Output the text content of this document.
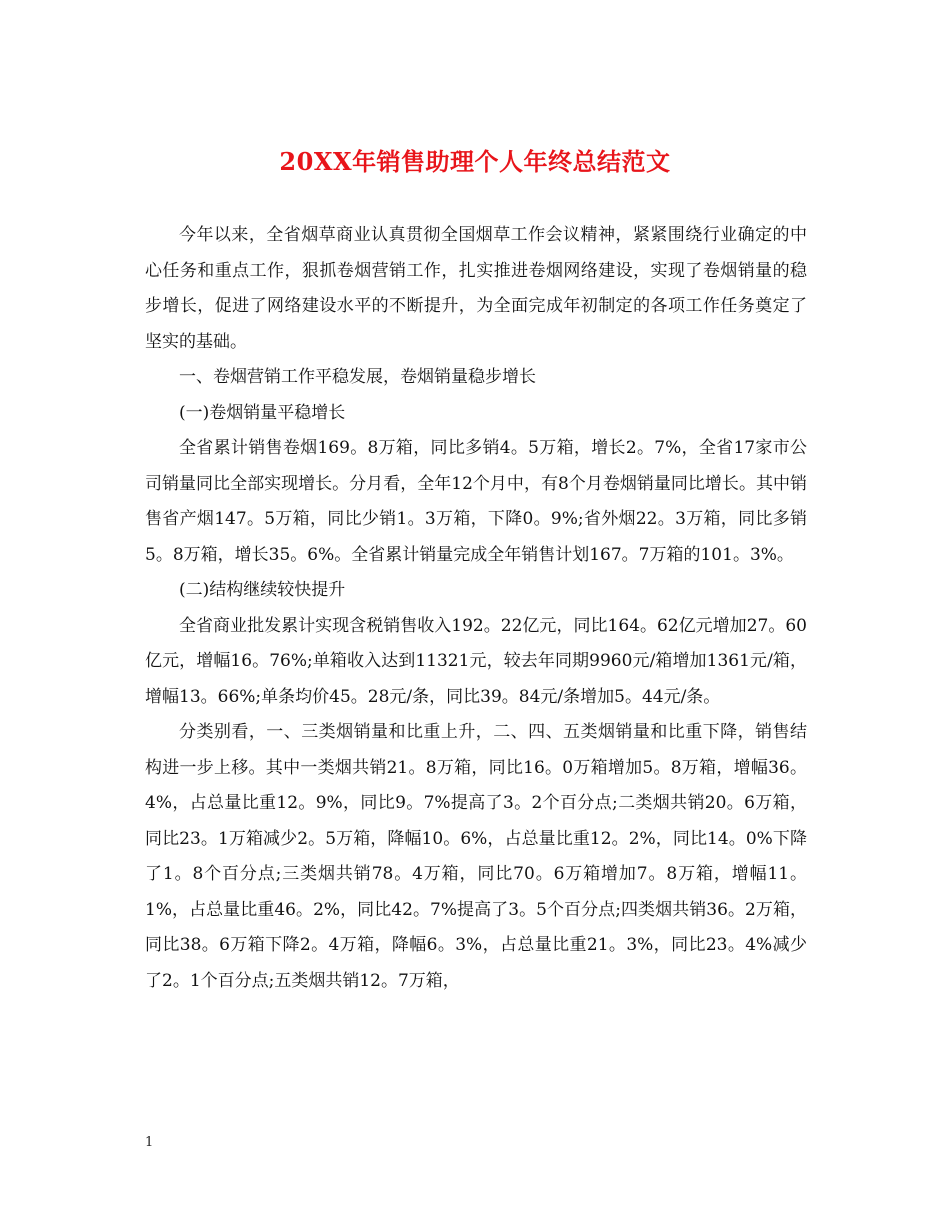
20XX年销售助理个人年终总结范文

今年以来，全省烟草商业认真贯彻全国烟草工作会议精神，紧紧围绕行业确定的中心任务和重点工作，狠抓卷烟营销工作，扎实推进卷烟网络建设，实现了卷烟销量的稳步增长，促进了网络建设水平的不断提升，为全面完成年初制定的各项工作任务奠定了坚实的基础。

一、卷烟营销工作平稳发展，卷烟销量稳步增长

(一)卷烟销量平稳增长

全省累计销售卷烟169。8万箱，同比多销4。5万箱，增长2。7%，全省17家市公司销量同比全部实现增长。分月看，全年12个月中，有8个月卷烟销量同比增长。其中销售省产烟147。5万箱，同比少销1。3万箱，下降0。9%;省外烟22。3万箱，同比多销5。8万箱，增长35。6%。全省累计销量完成全年销售计划167。7万箱的101。3%。

(二)结构继续较快提升

全省商业批发累计实现含税销售收入192。22亿元，同比164。62亿元增加27。60亿元，增幅16。76%;单箱收入达到11321元，较去年同期9960元/箱增加1361元/箱，增幅13。66%;单条均价45。28元/条，同比39。84元/条增加5。44元/条。

分类别看，一、三类烟销量和比重上升，二、四、五类烟销量和比重下降，销售结构进一步上移。其中一类烟共销21。8万箱，同比16。0万箱增加5。8万箱，增幅36。4%，占总量比重12。9%，同比9。7%提高了3。2个百分点;二类烟共销20。6万箱，同比23。1万箱减少2。5万箱，降幅10。6%，占总量比重12。2%，同比14。0%下降了1。8个百分点;三类烟共销78。4万箱，同比70。6万箱增加7。8万箱，增幅11。1%，占总量比重46。2%，同比42。7%提高了3。5个百分点;四类烟共销36。2万箱，同比38。6万箱下降2。4万箱，降幅6。3%，占总量比重21。3%，同比23。4%减少了2。1个百分点;五类烟共销12。7万箱，

1
